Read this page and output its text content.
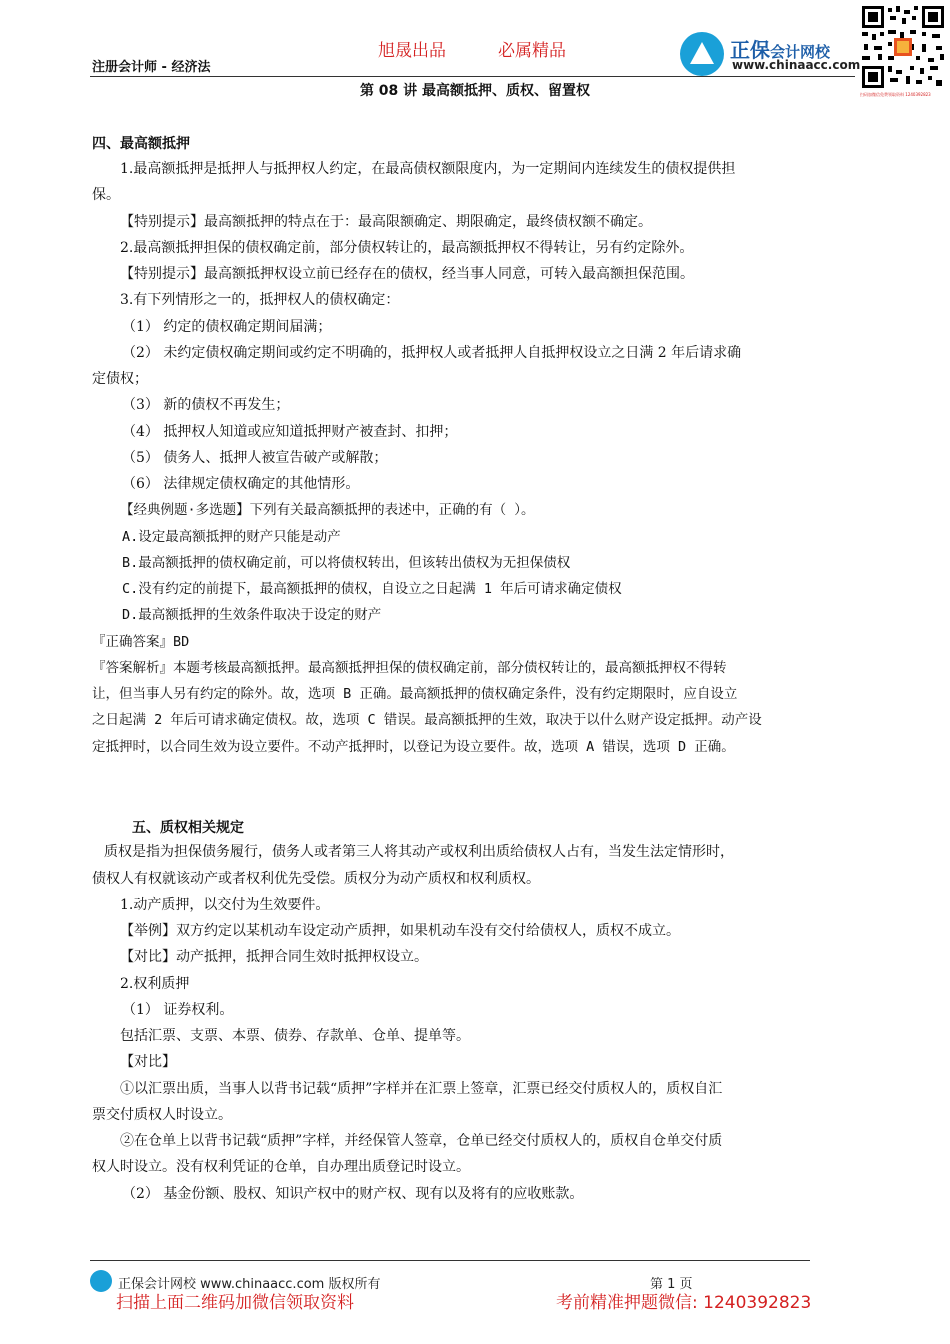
旭晟出品	必属精品
注册会计师 - 经济法
正保会计网校
www.chinaacc.com
扫码加微信免费领取资料 1240392823
第 08 讲 最高额抵押、质权、留置权
四、最高额抵押
1.最高额抵押是抵押人与抵押权人约定，在最高债权额限度内，为一定期间内连续发生的债权提供担
保。
【特别提示】最高额抵押的特点在于：最高限额确定、期限确定，最终债权额不确定。
2.最高额抵押担保的债权确定前，部分债权转让的，最高额抵押权不得转让，另有约定除外。
【特别提示】最高额抵押权设立前已经存在的债权，经当事人同意，可转入最高额担保范围。
3.有下列情形之一的，抵押权人的债权确定：
（1） 约定的债权确定期间届满；
（2） 未约定债权确定期间或约定不明确的，抵押权人或者抵押人自抵押权设立之日满 2 年后请求确
定债权；
（3） 新的债权不再发生；
（4） 抵押权人知道或应知道抵押财产被查封、扣押；
（5） 债务人、抵押人被宣告破产或解散；
（6） 法律规定债权确定的其他情形。
【经典例题·多选题】下列有关最高额抵押的表述中，正确的有（ ）。
A.设定最高额抵押的财产只能是动产
B.最高额抵押的债权确定前，可以将债权转出，但该转出债权为无担保债权
C.没有约定的前提下，最高额抵押的债权，自设立之日起满 1 年后可请求确定债权
D.最高额抵押的生效条件取决于设定的财产
『正确答案』BD
『答案解析』本题考核最高额抵押。最高额抵押担保的债权确定前，部分债权转让的，最高额抵押权不得转
让，但当事人另有约定的除外。故，选项 B 正确。最高额抵押的债权确定条件，没有约定期限时，应自设立
之日起满 2 年后可请求确定债权。故，选项 C 错误。最高额抵押的生效，取决于以什么财产设定抵押。动产设
定抵押时，以合同生效为设立要件。不动产抵押时，以登记为设立要件。故，选项 A 错误，选项 D 正确。
五、质权相关规定
质权是指为担保债务履行，债务人或者第三人将其动产或权利出质给债权人占有，当发生法定情形时，
债权人有权就该动产或者权利优先受偿。质权分为动产质权和权利质权。
1.动产质押，以交付为生效要件。
【举例】双方约定以某机动车设定动产质押，如果机动车没有交付给债权人，质权不成立。
【对比】动产抵押，抵押合同生效时抵押权设立。
2.权利质押
（1） 证券权利。
包括汇票、支票、本票、债券、存款单、仓单、提单等。
【对比】
①以汇票出质，当事人以背书记载“质押”字样并在汇票上签章，汇票已经交付质权人的，质权自汇
票交付质权人时设立。
②在仓单上以背书记载“质押”字样，并经保管人签章，仓单已经交付质权人的，质权自仓单交付质
权人时设立。没有权利凭证的仓单，自办理出质登记时设立。
（2） 基金份额、股权、知识产权中的财产权、现有以及将有的应收账款。
正保会计网校 www.chinaacc.com 版权所有	第 1 页
扫描上面二维码加微信领取资料	考前精准押题微信: 1240392823
